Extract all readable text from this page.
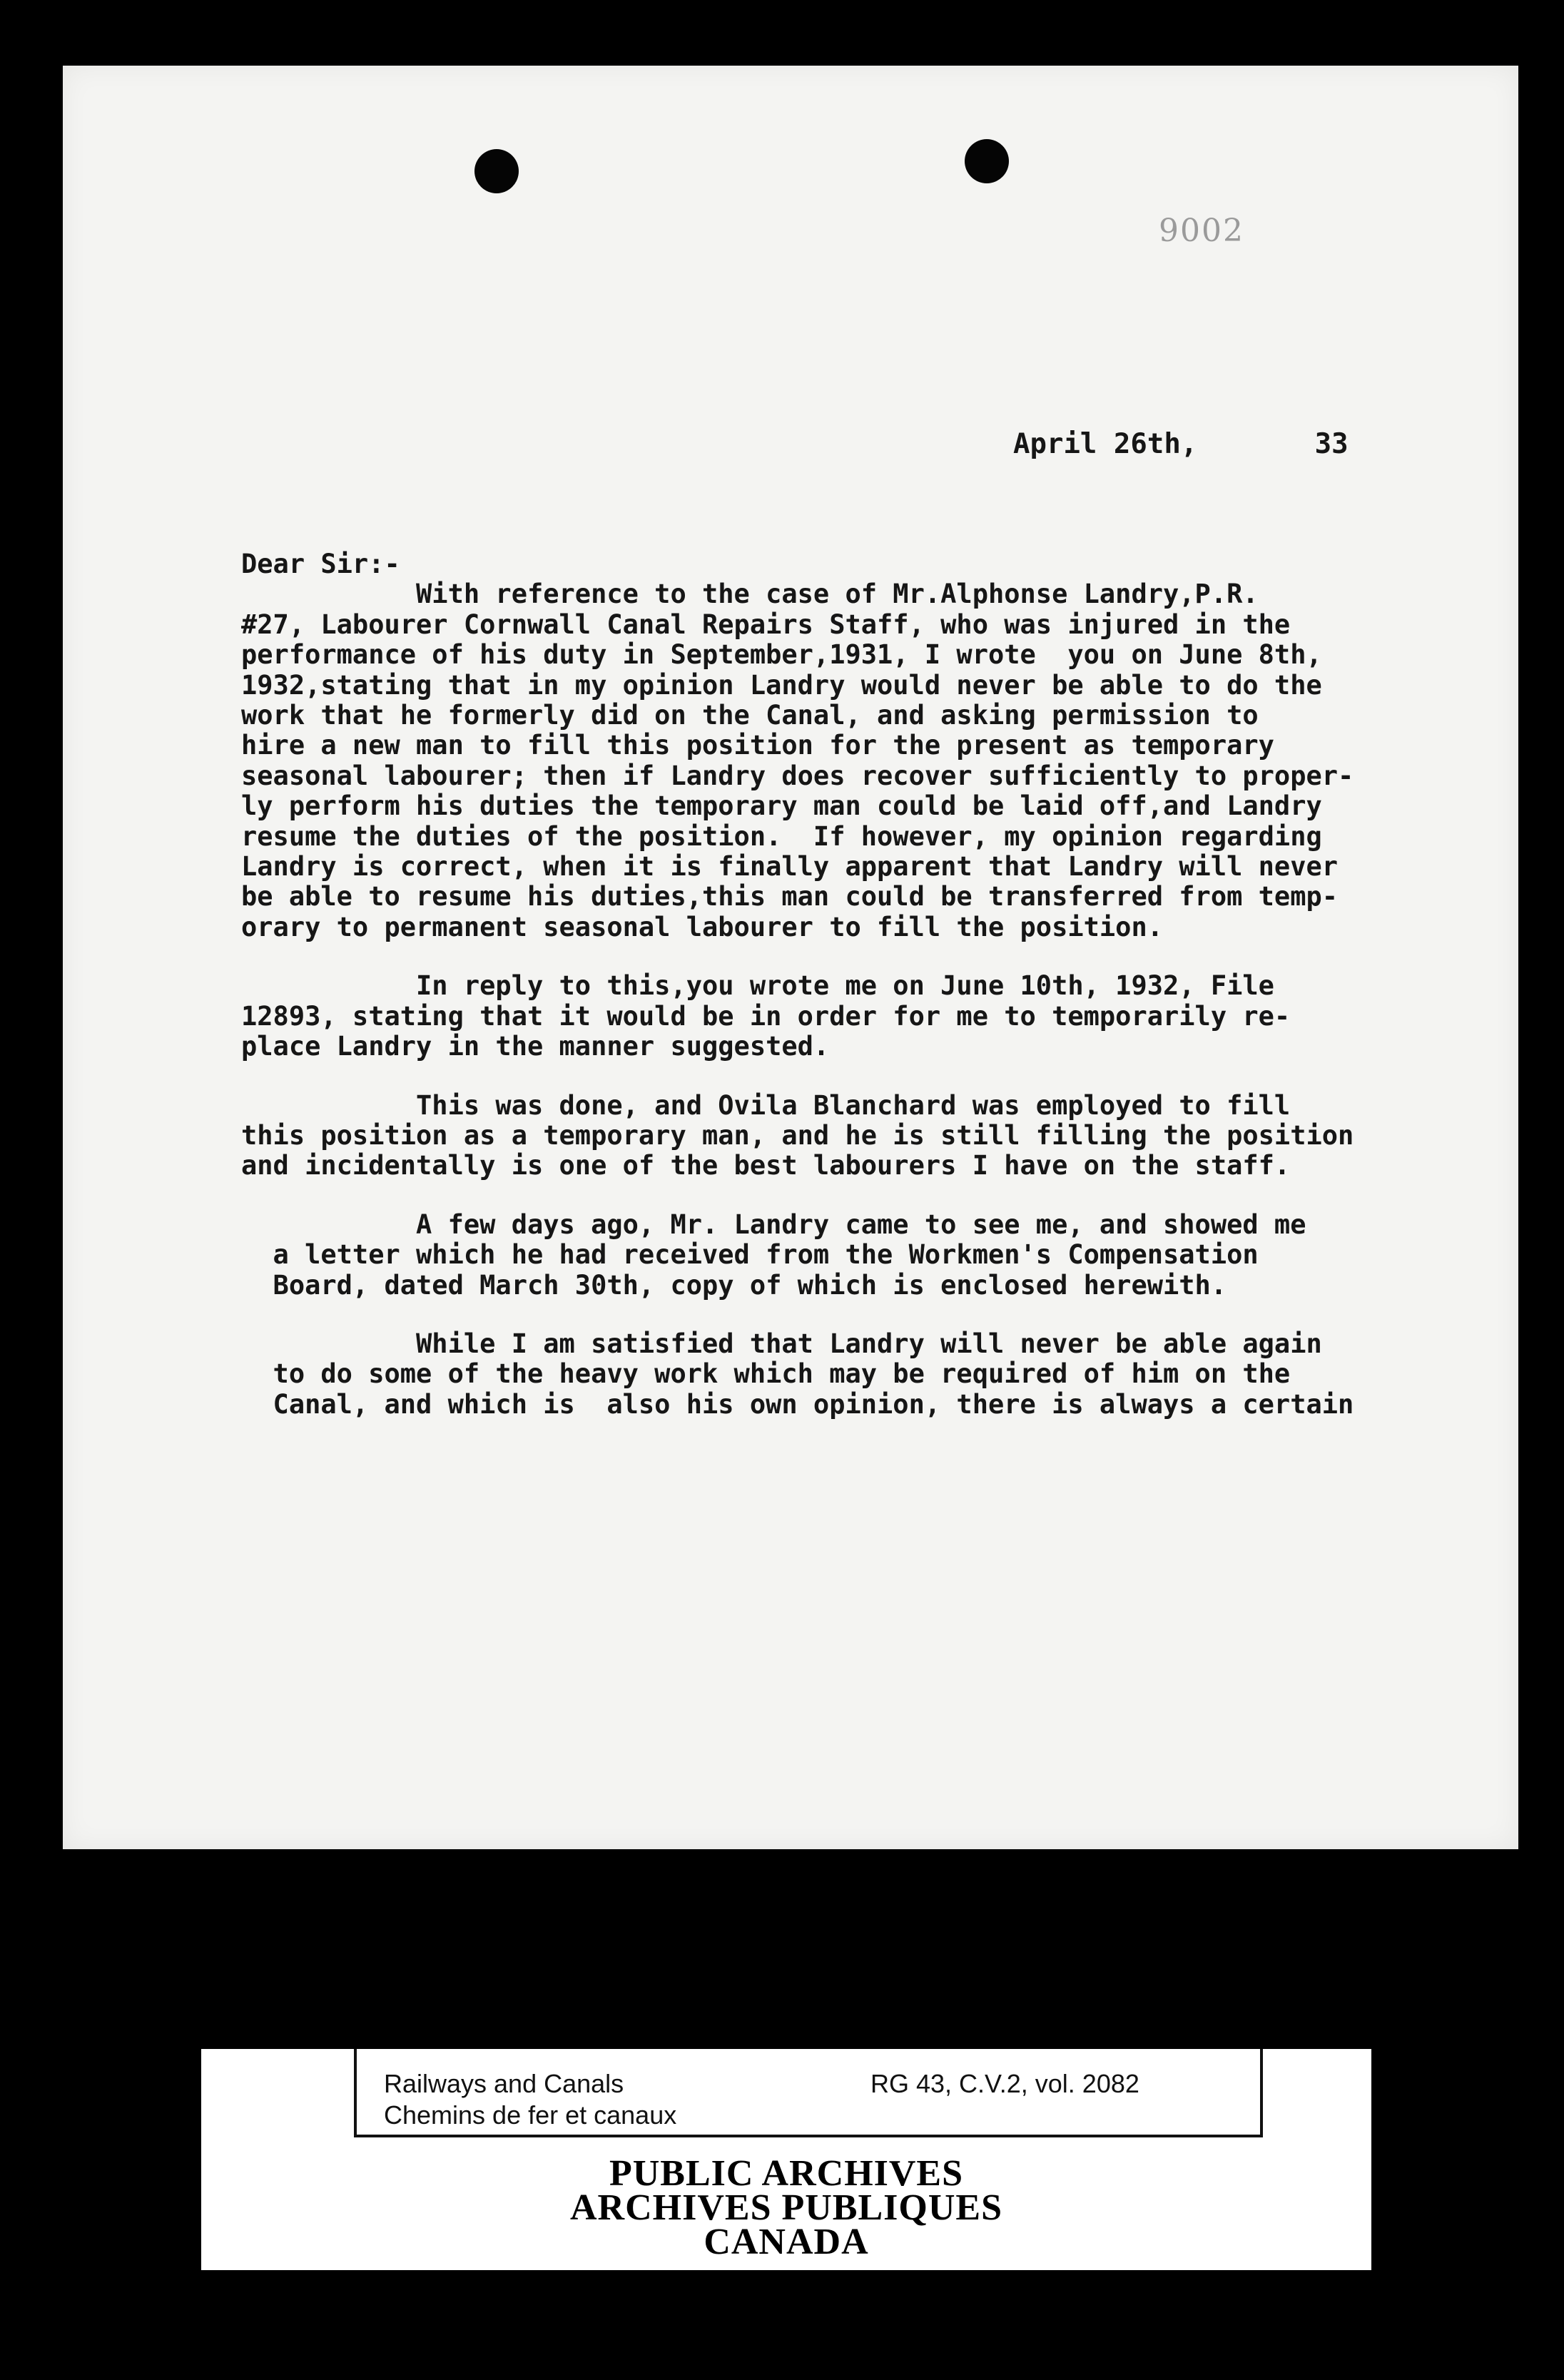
9002
April 26th,       33
Dear Sir:-
With reference to the case of Mr.Alphonse Landry,P.R.
#27, Labourer Cornwall Canal Repairs Staff, who was injured in the
performance of his duty in September,1931, I wrote  you on June 8th,
1932,stating that in my opinion Landry would never be able to do the
work that he formerly did on the Canal, and asking permission to
hire a new man to fill this position for the present as temporary
seasonal labourer; then if Landry does recover sufficiently to proper-
ly perform his duties the temporary man could be laid off,and Landry
resume the duties of the position.  If however, my opinion regarding
Landry is correct, when it is finally apparent that Landry will never
be able to resume his duties,this man could be transferred from temp-
orary to permanent seasonal labourer to fill the position.
In reply to this,you wrote me on June 10th, 1932, File
12893, stating that it would be in order for me to temporarily re-
place Landry in the manner suggested.
This was done, and Ovila Blanchard was employed to fill
this position as a temporary man, and he is still filling the position
and incidentally is one of the best labourers I have on the staff.
A few days ago, Mr. Landry came to see me, and showed me
a letter which he had received from the Workmen's Compensation
Board, dated March 30th, copy of which is enclosed herewith.
While I am satisfied that Landry will never be able again
to do some of the heavy work which may be required of him on the
Canal, and which is  also his own opinion, there is always a certain
Railways and Canals
Chemins de fer et canaux
RG 43, C.V.2, vol. 2082
PUBLIC ARCHIVES
ARCHIVES PUBLIQUES
CANADA
